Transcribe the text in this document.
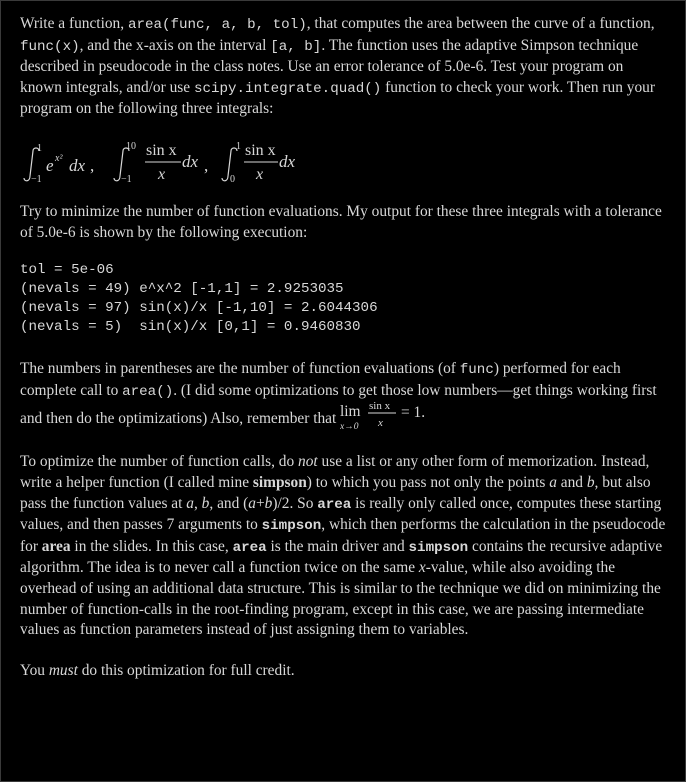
Write a function, area(func, a, b, tol), that computes the area between the curve of a function, func(x), and the x-axis on the interval [a, b]. The function uses the adaptive Simpson technique described in pseudocode in the class notes. Use an error tolerance of 5.0e-6. Test your program on known integrals, and/or use scipy.integrate.quad() function to check your work. Then run your program on the following three integrals:

1
−1
e x² dx ,
10
−1
sin x
x
dx ,
1
0
sin x
x
dx

Try to minimize the number of function evaluations. My output for these three integrals with a tolerance of 5.0e-6 is shown by the following execution:

tol = 5e-06
(nevals = 49) e^x^2 [-1,1] = 2.9253035
(nevals = 97) sin(x)/x [-1,10] = 2.6044306
(nevals = 5)  sin(x)/x [0,1] = 0.9460830

The numbers in parentheses are the number of function evaluations (of func) performed for each complete call to area(). (I did some optimizations to get those low numbers—get things working first and then do the optimizations) Also, remember that lim
x→0
sin x
x
= 1.

To optimize the number of function calls, do not use a list or any other form of memorization. Instead, write a helper function (I called mine simpson) to which you pass not only the points a and b, but also pass the function values at a, b, and (a+b)/2. So area is really only called once, computes these starting values, and then passes 7 arguments to simpson, which then performs the calculation in the pseudocode for area in the slides. In this case, area is the main driver and simpson contains the recursive adaptive algorithm. The idea is to never call a function twice on the same x-value, while also avoiding the overhead of using an additional data structure. This is similar to the technique we did on minimizing the number of function-calls in the root-finding program, except in this case, we are passing intermediate values as function parameters instead of just assigning them to variables.

You must do this optimization for full credit.
